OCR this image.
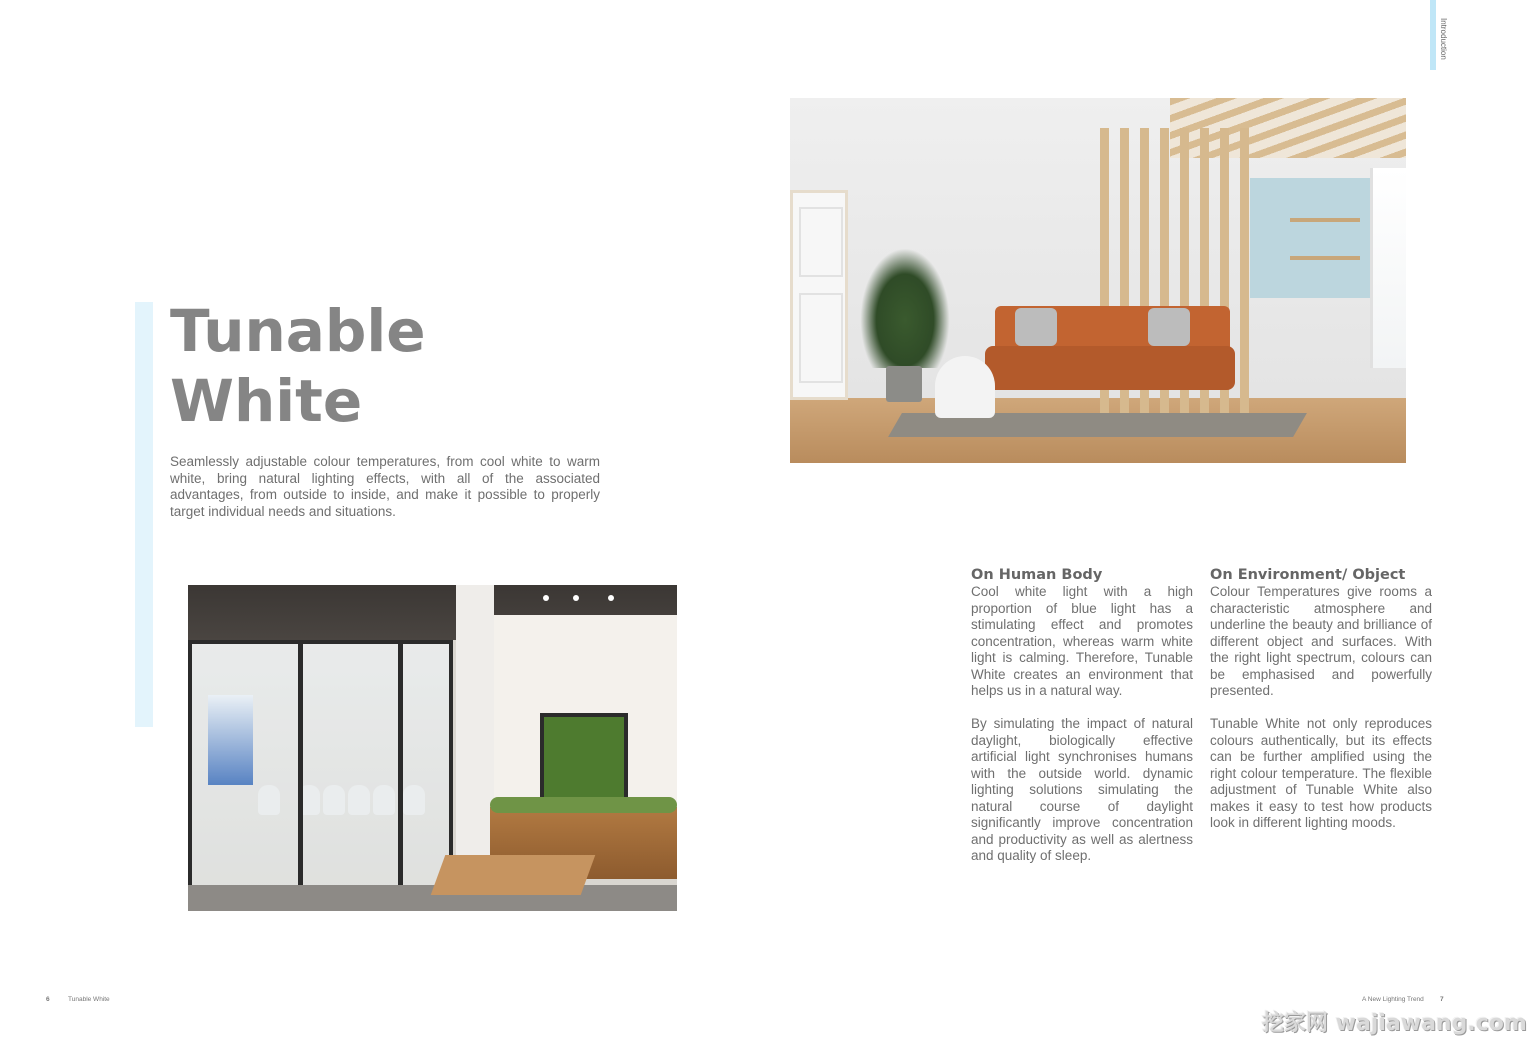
Introduction
Tunable
White

Seamlessly adjustable colour temperatures, from cool white to warm white, bring natural lighting effects, with all of the associated advantages, from outside to inside, and make it possible to properly target individual needs and situations.

On Human Body

Cool white light with a high proportion of blue light has a stimulating effect and promotes concentration, whereas warm white light is calming. Therefore, Tunable White creates an environment that helps us in a natural way.

By simulating the impact of natural daylight, biologically effective artificial light synchronises humans with the outside world. dynamic lighting solutions simulating the natural course of daylight significantly improve concentration and productivity as well as alertness and quality of sleep.

On Environment/ Object

Colour Temperatures give rooms a characteristic atmosphere and underline the beauty and brilliance of different object and surfaces. With the right light spectrum, colours can be emphasised and powerfully presented.

Tunable White not only reproduces colours authentically, but its effects can be further amplified using the right colour temperature. The flexible adjustment of Tunable White also makes it easy to test how products look in different lighting moods.

6	Tunable White	A New Lighting Trend 7
挖家网 wajiawang.com
